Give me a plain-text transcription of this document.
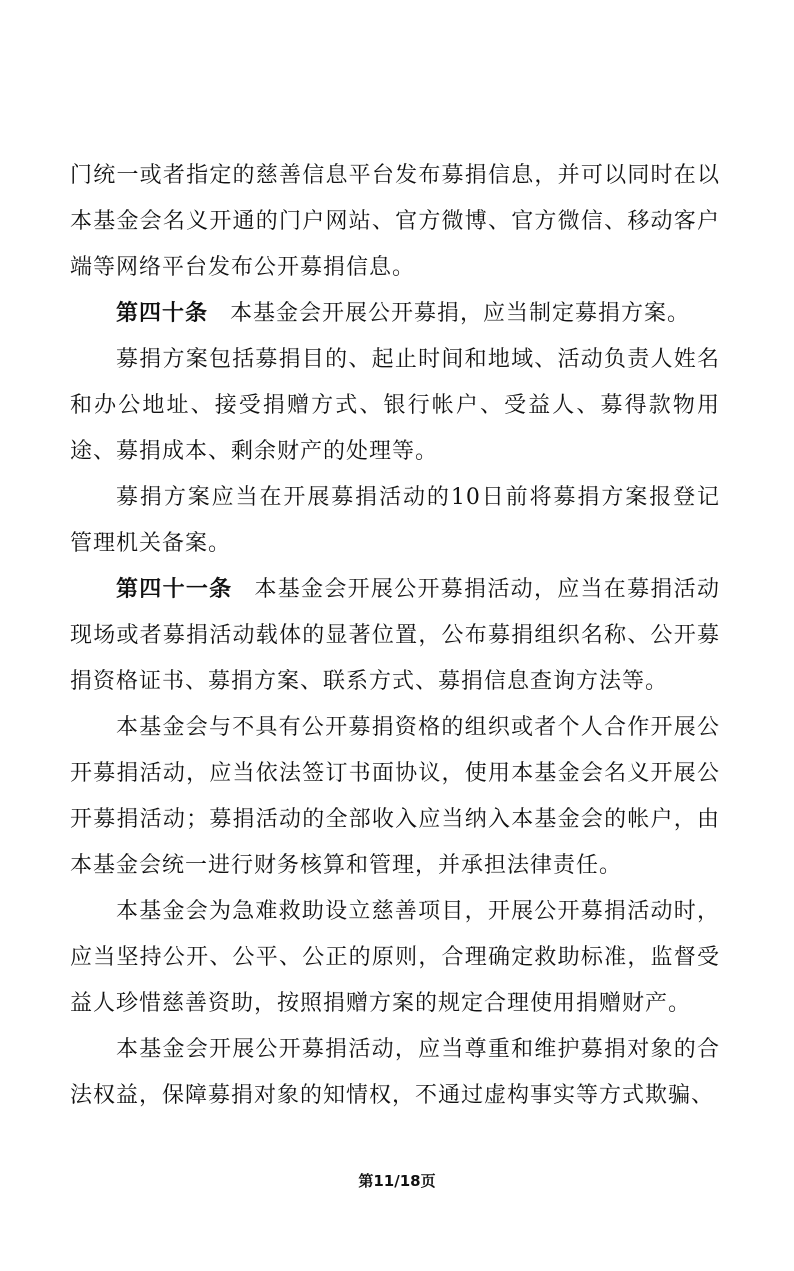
门统一或者指定的慈善信息平台发布募捐信息，并可以同时在以本基金会名义开通的门户网站、官方微博、官方微信、移动客户端等网络平台发布公开募捐信息。

第四十条 本基金会开展公开募捐，应当制定募捐方案。

募捐方案包括募捐目的、起止时间和地域、活动负责人姓名和办公地址、接受捐赠方式、银行帐户、受益人、募得款物用途、募捐成本、剩余财产的处理等。

募捐方案应当在开展募捐活动的10日前将募捐方案报登记管理机关备案。

第四十一条 本基金会开展公开募捐活动，应当在募捐活动现场或者募捐活动载体的显著位置，公布募捐组织名称、公开募捐资格证书、募捐方案、联系方式、募捐信息查询方法等。

本基金会与不具有公开募捐资格的组织或者个人合作开展公开募捐活动，应当依法签订书面协议，使用本基金会名义开展公开募捐活动；募捐活动的全部收入应当纳入本基金会的帐户，由本基金会统一进行财务核算和管理，并承担法律责任。

本基金会为急难救助设立慈善项目，开展公开募捐活动时，应当坚持公开、公平、公正的原则，合理确定救助标准，监督受益人珍惜慈善资助，按照捐赠方案的规定合理使用捐赠财产。

本基金会开展公开募捐活动，应当尊重和维护募捐对象的合法权益，保障募捐对象的知情权，不通过虚构事实等方式欺骗、

第11/18页
